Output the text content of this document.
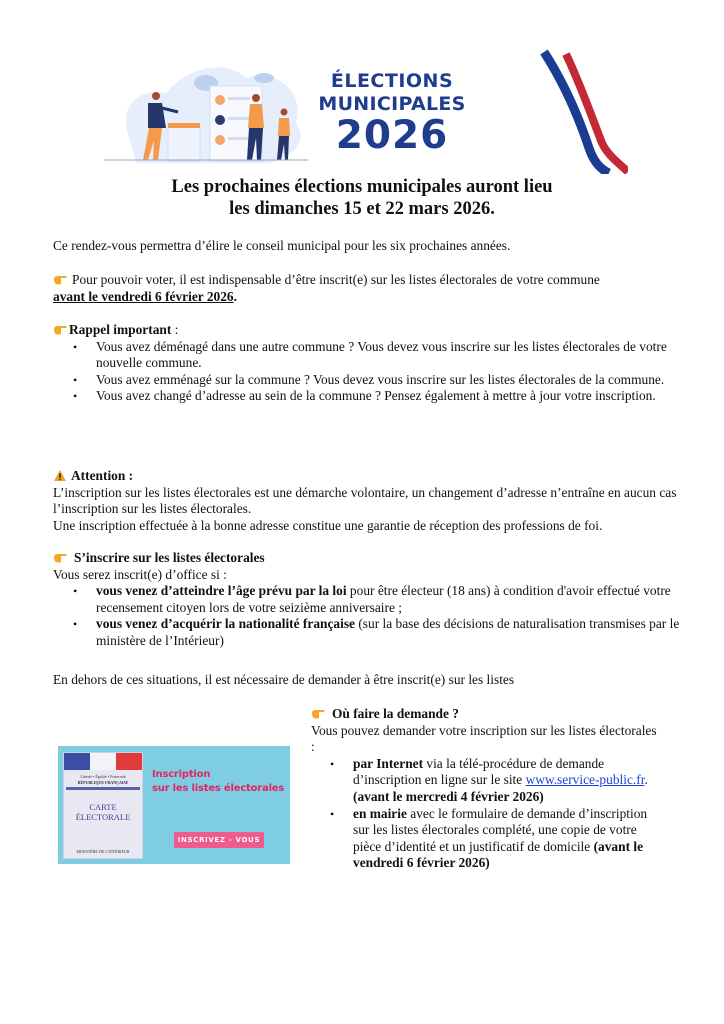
ÉLECTIONS
MUNICIPALES
2026
Les prochaines élections municipales auront lieu
les dimanches 15 et 22 mars 2026.
Ce rendez-vous permettra d’élire le conseil municipal pour les six prochaines années.
Pour pouvoir voter, il est indispensable d’être inscrit(e) sur les listes électorales de votre commune
avant le vendredi 6 février 2026.
Rappel important :
• Vous avez déménagé dans une autre commune ? Vous devez vous inscrire sur les listes électorales de votre nouvelle commune.
• Vous avez emménagé sur la commune ? Vous devez vous inscrire sur les listes électorales de la commune.
• Vous avez changé d’adresse au sein de la commune ? Pensez également à mettre à jour votre inscription.
Attention :
L’inscription sur les listes électorales est une démarche volontaire, un changement d’adresse n’entraîne en aucun cas l’inscription sur les listes électorales.
Une inscription effectuée à la bonne adresse constitue une garantie de réception des professions de foi.
S’inscrire sur les listes électorales
Vous serez inscrit(e) d’office si :
• vous venez d’atteindre l’âge prévu par la loi pour être électeur (18 ans) à condition d'avoir effectué votre recensement citoyen lors de votre seizième anniversaire ;
• vous venez d’acquérir la nationalité française (sur la base des décisions de naturalisation transmises par le ministère de l’Intérieur)
En dehors de ces situations, il est nécessaire de demander à être inscrit(e) sur les listes
Où faire la demande ?
Vous pouvez demander votre inscription sur les listes électorales :
• par Internet via la télé-procédure de demande d’inscription en ligne sur le site www.service-public.fr. (avant le mercredi 4 février 2026)
• en mairie avec le formulaire de demande d’inscription sur les listes électorales complété, une copie de votre pièce d’identité et un justificatif de domicile (avant le vendredi 6 février 2026)
Liberté • Égalité • Fraternité
RÉPUBLIQUE FRANÇAISE
CARTE
ÉLECTORALE
MINISTÈRE DE L'INTÉRIEUR
Inscription
sur les listes électorales
INSCRIVEZ - VOUS
